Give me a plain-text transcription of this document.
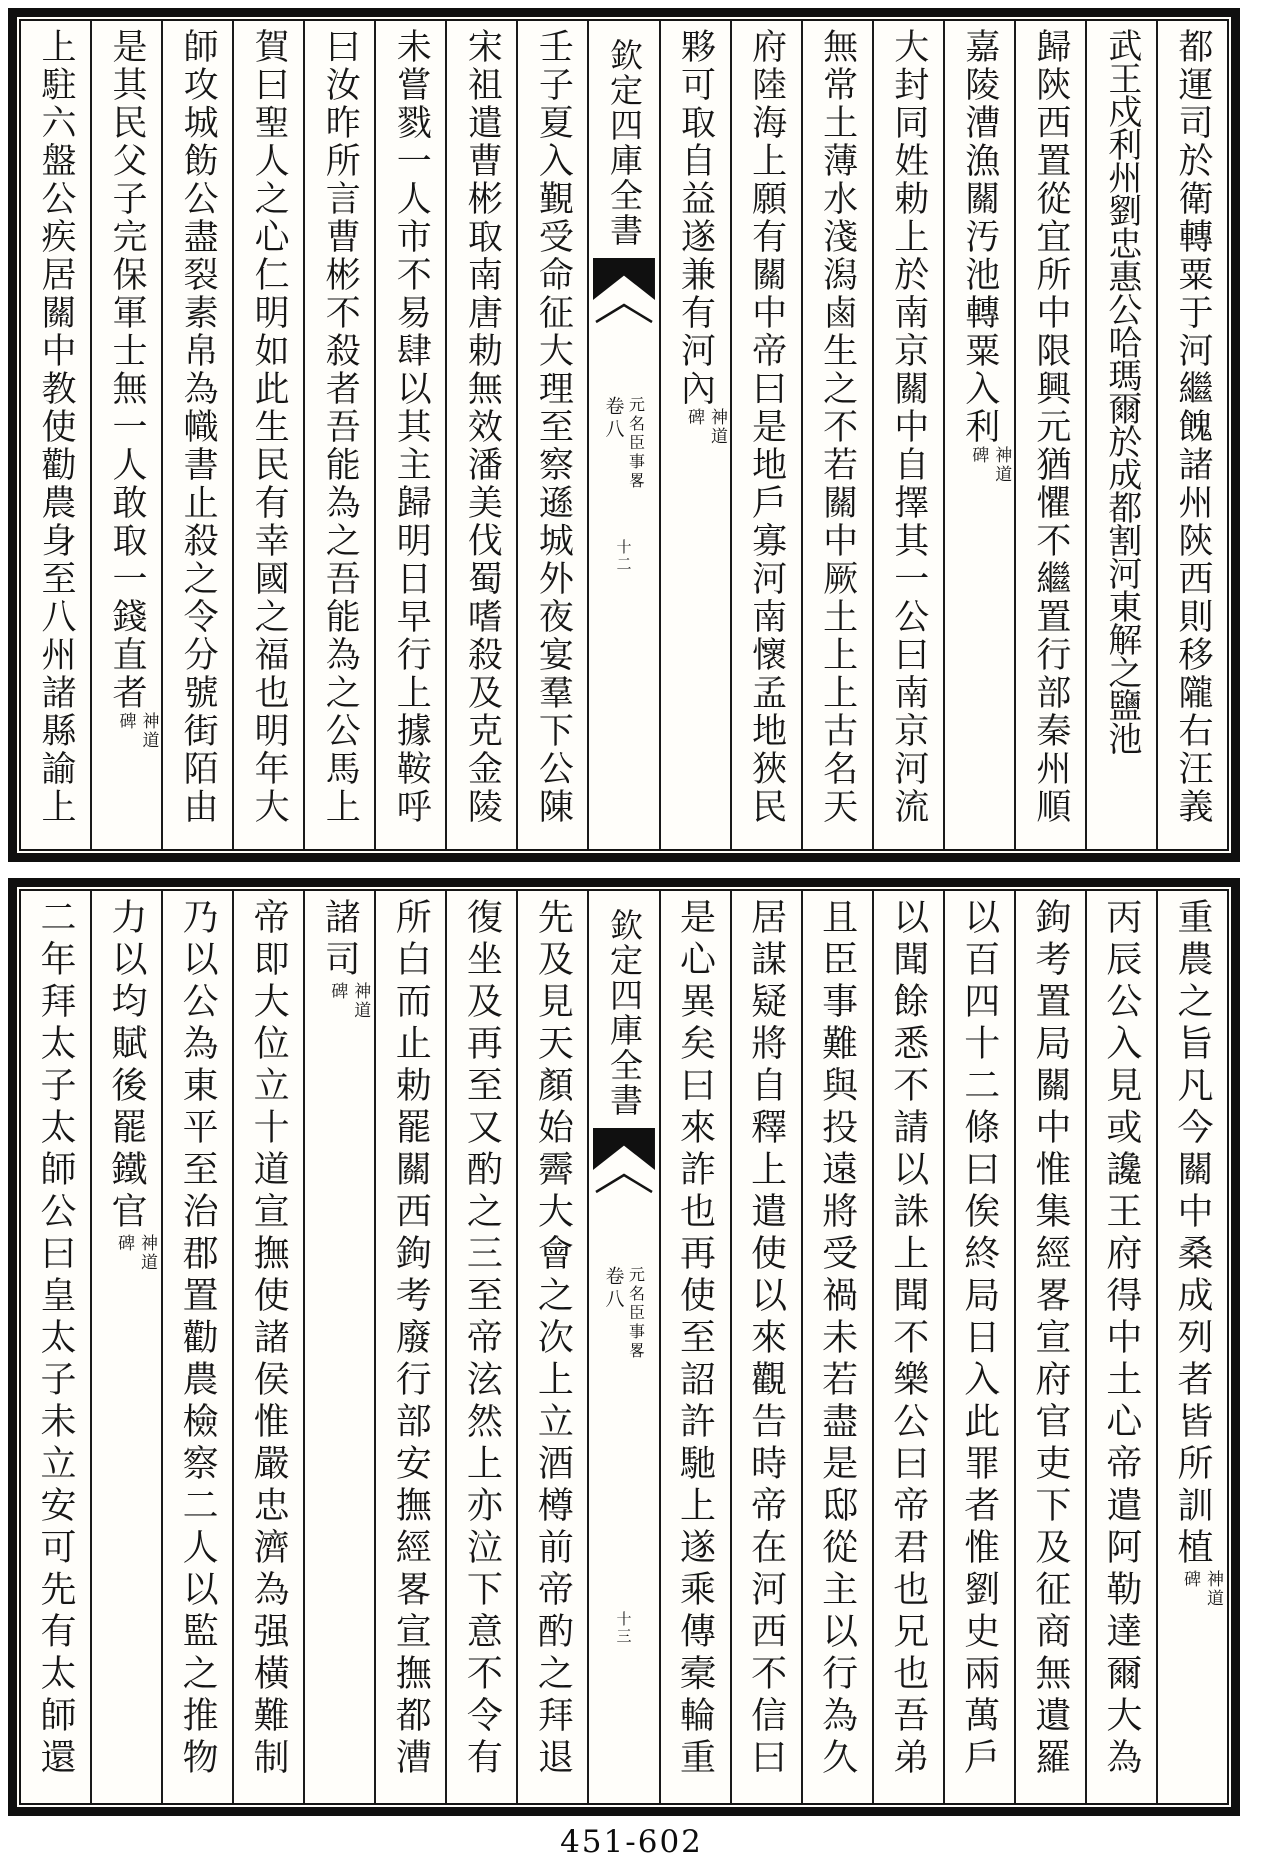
都運司於衛轉粟于河繼餽諸州陝西則移隴右汪義
武王戍利州劉忠惠公哈瑪爾於成都割河東解之鹽池
歸陝西置從宜所中限興元猶懼不繼置行部秦州順
嘉陵漕漁關汚池轉粟入利
神道
碑
大封同姓勅上於南京關中自擇其一公曰南京河流
無常土薄水淺潟鹵生之不若關中厥土上上古名天
府陸海上願有關中帝曰是地戶寡河南懷孟地狹民
夥可取自益遂兼有河內
神道
碑
欽定四庫全書
元名臣事畧
卷八
十二
壬子夏入覲受命征大理至察遜城外夜宴羣下公陳
宋祖遣曹彬取南唐勅無效潘美伐蜀嗜殺及克金陵
未嘗戮一人市不易肆以其主歸明日早行上據鞍呼
曰汝昨所言曹彬不殺者吾能為之吾能為之公馬上
賀曰聖人之心仁明如此生民有幸國之福也明年大
師攻城飭公盡裂素帛為幟書止殺之令分號街陌由
是其民父子完保軍士無一人敢取一錢直者
神道
碑
上駐六盤公疾居關中教使勸農身至八州諸縣諭上
重農之旨凡今關中桑成列者皆所訓植
神道
碑
丙辰公入見或讒王府得中土心帝遣阿勒達爾大為
鉤考置局關中惟集經畧宣府官吏下及征商無遺羅
以百四十二條曰俟終局日入此罪者惟劉史兩萬戶
以聞餘悉不請以誅上聞不樂公曰帝君也兄也吾弟
且臣事難與投遠將受禍未若盡是邸從主以行為久
居謀疑將自釋上遣使以來觀告時帝在河西不信曰
是心異矣曰來詐也再使至詔許馳上遂乘傳槖輪重
欽定四庫全書
元名臣事畧
卷八
十三
先及見天顏始霽大會之次上立酒樽前帝酌之拜退
復坐及再至又酌之三至帝泫然上亦泣下意不令有
所白而止勅罷關西鉤考廢行部安撫經畧宣撫都漕
諸司
神道
碑
帝即大位立十道宣撫使諸侯惟嚴忠濟為强橫難制
乃以公為東平至治郡置勸農檢察二人以監之推物
力以均賦後罷鐵官
神道
碑
二年拜太子太師公曰皇太子未立安可先有太師還
451-602
